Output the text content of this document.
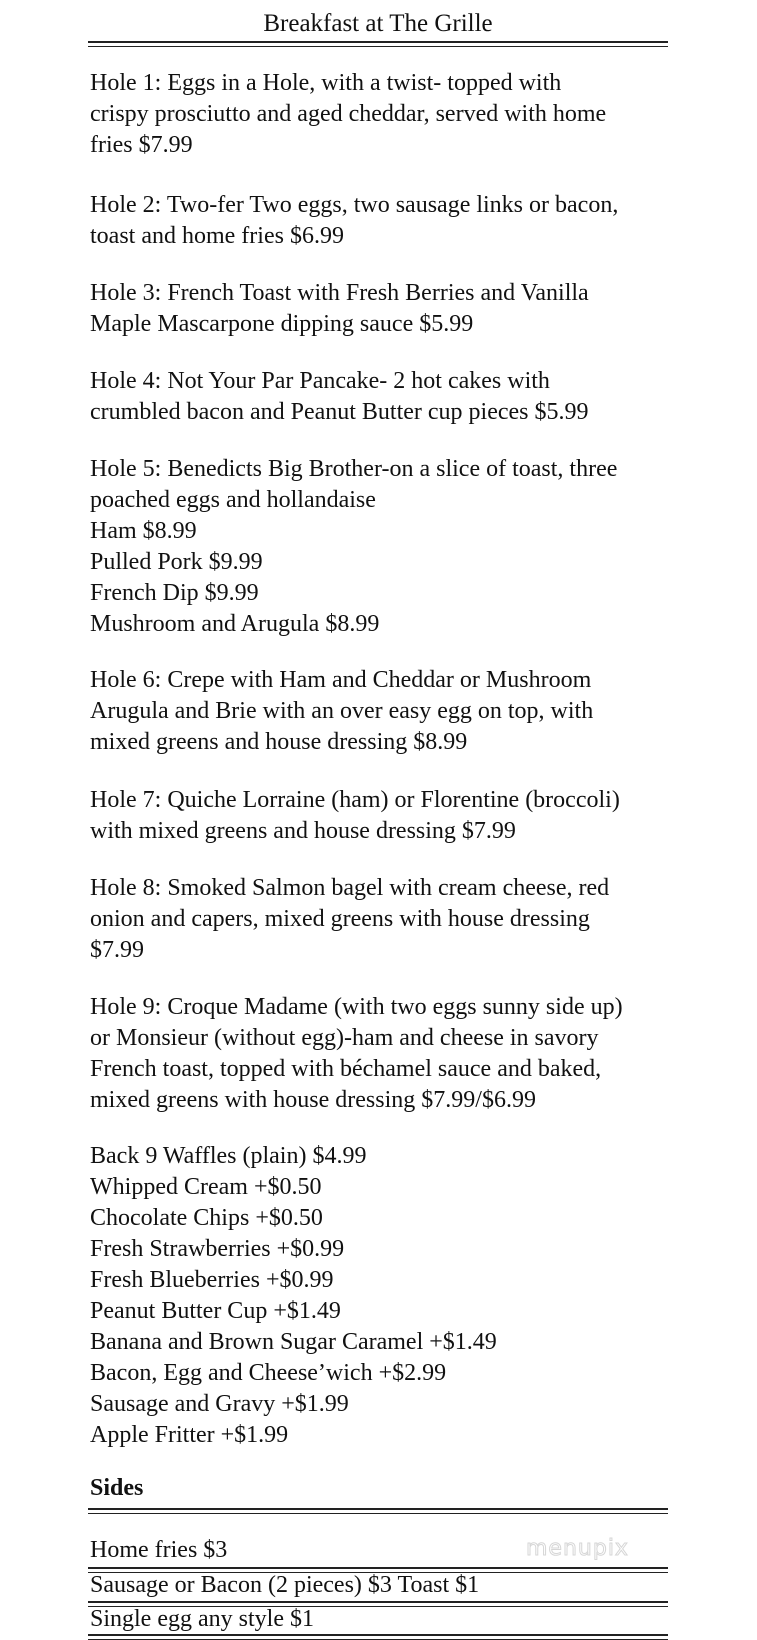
Breakfast at The Grille
Hole 1: Eggs in a Hole, with a twist- topped with
crispy prosciutto and aged cheddar, served with home
fries $7.99
Hole 2: Two-fer Two eggs, two sausage links or bacon,
toast and home fries $6.99
Hole 3: French Toast with Fresh Berries and Vanilla
Maple Mascarpone dipping sauce $5.99
Hole 4: Not Your Par Pancake- 2 hot cakes with
crumbled bacon and Peanut Butter cup pieces $5.99
Hole 5: Benedicts Big Brother-on a slice of toast, three
poached eggs and hollandaise
Ham $8.99
Pulled Pork $9.99
French Dip $9.99
Mushroom and Arugula $8.99
Hole 6: Crepe with Ham and Cheddar or Mushroom
Arugula and Brie with an over easy egg on top, with
mixed greens and house dressing $8.99
Hole 7: Quiche Lorraine (ham) or Florentine (broccoli)
with mixed greens and house dressing $7.99
Hole 8: Smoked Salmon bagel with cream cheese, red
onion and capers, mixed greens with house dressing
$7.99
Hole 9: Croque Madame (with two eggs sunny side up)
or Monsieur (without egg)-ham and cheese in savory
French toast, topped with béchamel sauce and baked,
mixed greens with house dressing $7.99/$6.99
Back 9 Waffles (plain) $4.99
Whipped Cream +$0.50
Chocolate Chips +$0.50
Fresh Strawberries +$0.99
Fresh Blueberries +$0.99
Peanut Butter Cup +$1.49
Banana and Brown Sugar Caramel +$1.49
Bacon, Egg and Cheese’wich +$2.99
Sausage and Gravy +$1.99
Apple Fritter +$1.99
Sides
Home fries $3
Sausage or Bacon (2 pieces) $3 Toast $1
Single egg any style $1
menupix
